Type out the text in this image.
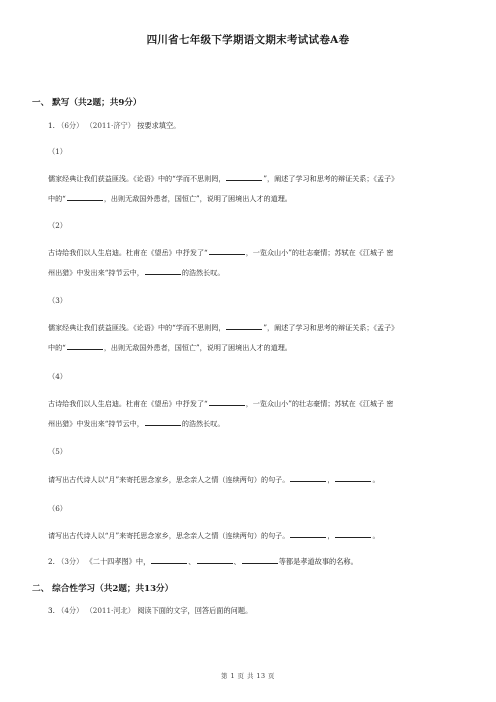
四川省七年级下学期语文期末考试试卷A卷
一、 默写（共2题；共9分）
1. （6分） （2011·济宁） 按要求填空。
（1）
儒家经典让我们获益匪浅。《论语》中的“学而不思则罔，	”，阐述了学习和思考的辩证关系；《孟子》
中的“	，出则无敌国外患者，国恒亡”，说明了困境出人才的道理。
（2）
古诗给我们以人生启迪。杜甫在《望岳》中抒发了“	，一览众山小”的壮志豪情；苏轼在《江城子 密
州出猎》中发出来“持节云中，	的浩然长叹。
（3）
儒家经典让我们获益匪浅。《论语》中的“学而不思则罔，	”，阐述了学习和思考的辩证关系；《孟子》
中的“	，出则无敌国外患者，国恒亡”，说明了困境出人才的道理。
（4）
古诗给我们以人生启迪。杜甫在《望岳》中抒发了“	，一览众山小”的壮志豪情；苏轼在《江城子 密
州出猎》中发出来“持节云中，	的浩然长叹。
（5）
请写出古代诗人以“月”来寄托思念家乡，思念亲人之情（连续两句）的句子。	，	。
（6）
请写出古代诗人以“月”来寄托思念家乡，思念亲人之情（连续两句）的句子。	，	。
2. （3分） 《二十四孝图》中，	、	、	等都是孝道故事的名称。
二、 综合性学习（共2题；共13分）
3. （4分） （2011·河北） 阅读下面的文字，回答后面的问题。
第 1 页 共 13 页
